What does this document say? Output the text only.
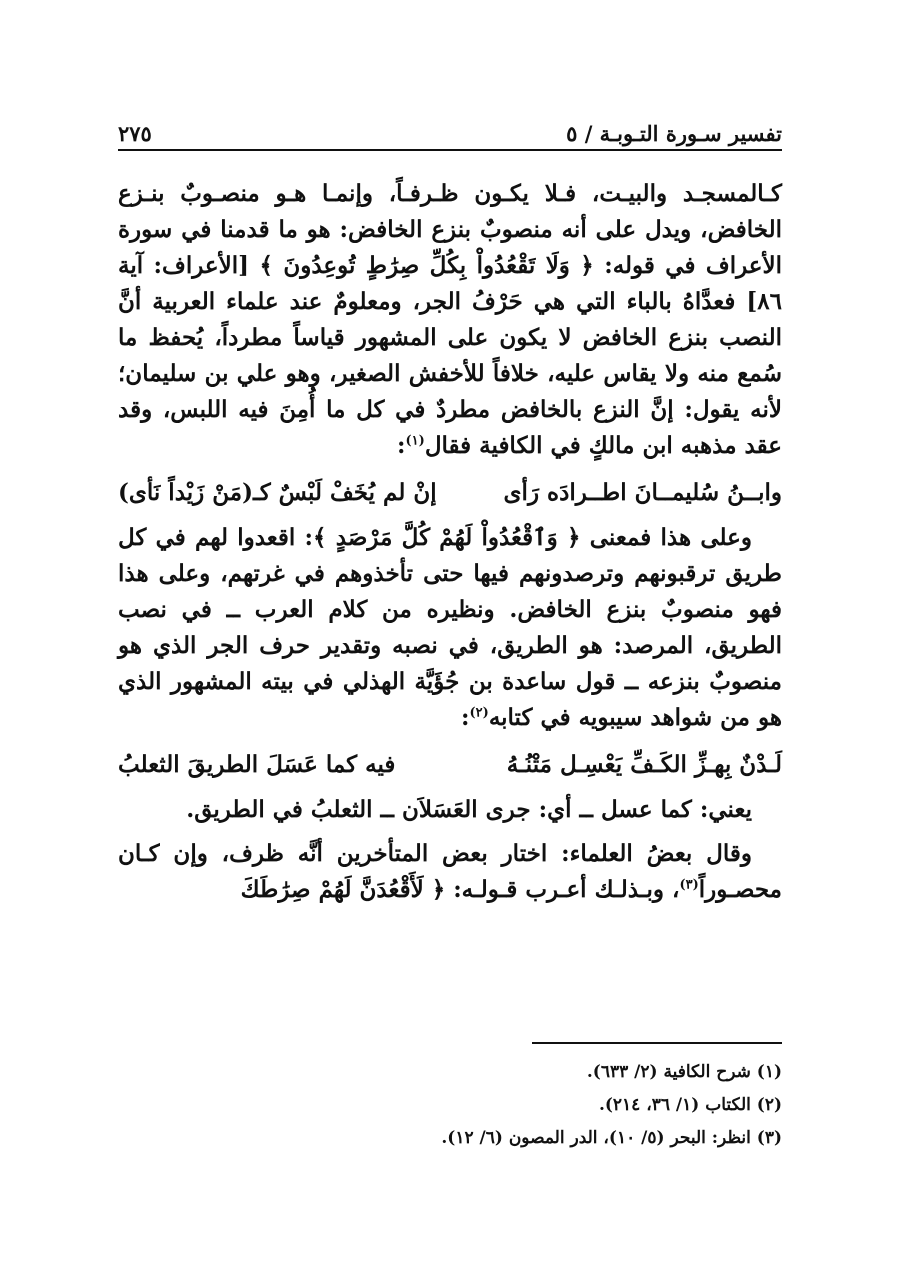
تفسير سـورة التـوبـة / ٥
٢٧٥

كـالمسجـد والبيـت، فـلا يكـون ظـرفـاً، وإنمـا هـو منصـوبٌ بنـزع الخافض، ويدل على أنه منصوبٌ بنزع الخافض: هو ما قدمنا في سورة الأعراف في قوله: ﴿ وَلَا تَقْعُدُواْ بِكُلِّ صِرَٰطٍ تُوعِدُونَ ﴾ [الأعراف: آية ٨٦] فعدَّاهُ بالباء التي هي حَرْفُ الجر، ومعلومٌ عند علماء العربية أنَّ النصب بنزع الخافض لا يكون على المشهور قياساً مطرداً، يُحفظ ما سُمع منه ولا يقاس عليه، خلافاً للأخفش الصغير، وهو علي بن سليمان؛ لأنه يقول: إنَّ النزع بالخافض مطردٌ في كل ما أُمِنَ فيه اللبس، وقد عقد مذهبه ابن مالكٍ في الكافية فقال$^{(١)}$:

وابــنُ سُليمــانَ اطــرادَه رَأى
إنْ لم يُخَفْ لَبْسٌ كـ(مَنْ زَيْداً نَأى)

وعلى هذا فمعنى ﴿ وَٱقْعُدُواْ لَهُمْ كُلَّ مَرْصَدٍ ﴾: اقعدوا لهم في كل طريق ترقبونهم وترصدونهم فيها حتى تأخذوهم في غرتهم، وعلى هذا فهو منصوبٌ بنزع الخافض. ونظيره من كلام العرب ــ في نصب الطريق، المرصد: هو الطريق، في نصبه وتقدير حرف الجر الذي هو منصوبٌ بنزعه ــ قول ساعدة بن جُؤَيَّة الهذلي في بيته المشهور الذي هو من شواهد سيبويه في كتابه$^{(٢)}$:

لَـدْنٌ بِهـزِّ الكَـفِّ يَعْسِـل مَتْنُـهُ
فيه كما عَسَلَ الطريقَ الثعلبُ

يعني: كما عسل ــ أي: جرى العَسَلاَن ــ الثعلبُ في الطريق.

وقال بعضُ العلماء: اختار بعض المتأخرين أنَّه ظرف، وإن كـان محصـوراً$^{(٣)}$، وبـذلـك أعـرب قـولـه: ﴿ لَأَقْعُدَنَّ لَهُمْ صِرَٰطَكَ

(١) شرح الكافية (٢/ ٦٣٣).

(٢) الكتاب (١/ ٣٦، ٢١٤).

(٣) انظر: البحر (٥/ ١٠)، الدر المصون (٦/ ١٢).
